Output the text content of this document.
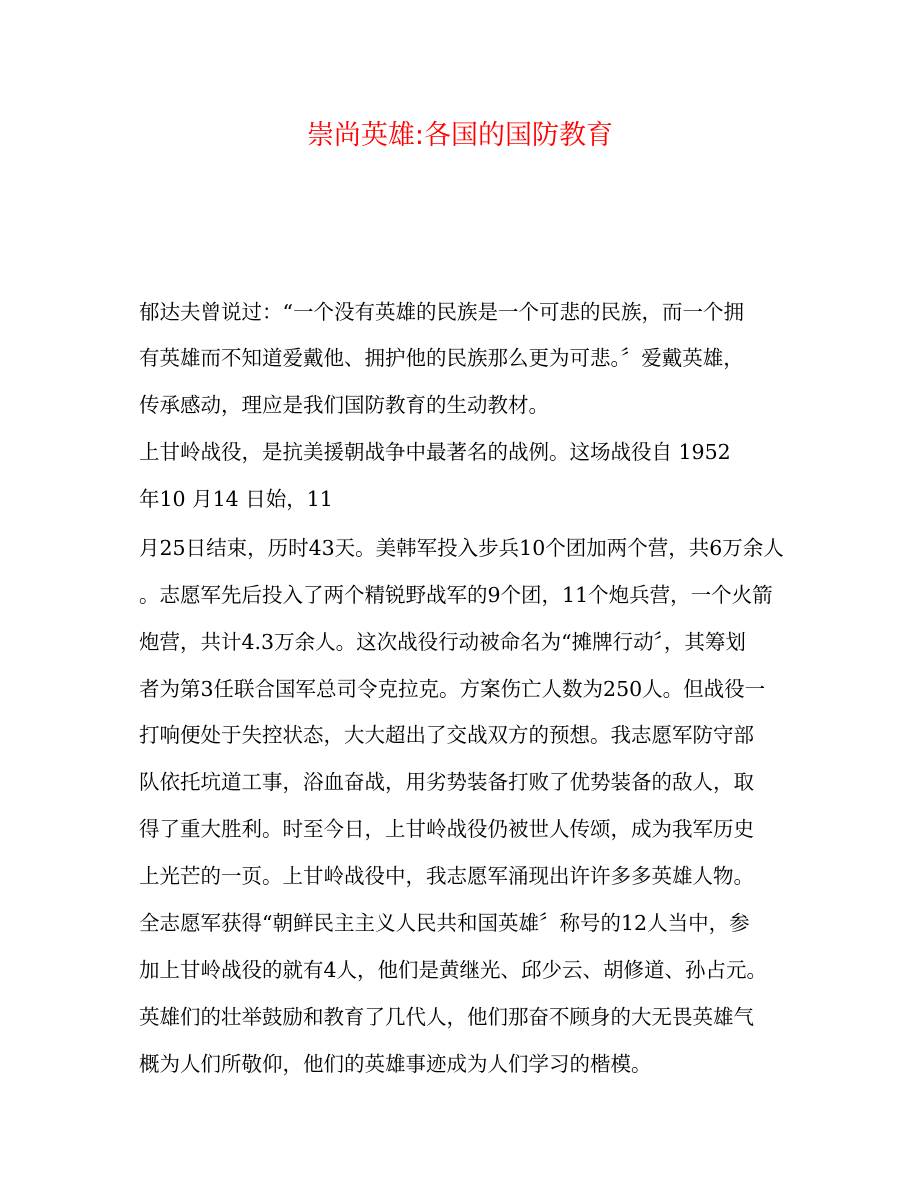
崇尚英雄:各国的国防教育
郁达夫曾说过：“一个没有英雄的民族是一个可悲的民族，而一个拥
有英雄而不知道爱戴他、拥护他的民族那么更为可悲。〞爱戴英雄，
传承感动，理应是我们国防教育的生动教材。
上甘岭战役，是抗美援朝战争中最著名的战例。这场战役自 1952
年10 月14 日始，11
月25日结束，历时43天。美韩军投入步兵10个团加两个营，共6万余人
。志愿军先后投入了两个精锐野战军的9个团，11个炮兵营，一个火箭
炮营，共计4.3万余人。这次战役行动被命名为“摊牌行动〞，其筹划
者为第3任联合国军总司令克拉克。方案伤亡人数为250人。但战役一
打响便处于失控状态，大大超出了交战双方的预想。我志愿军防守部
队依托坑道工事，浴血奋战，用劣势装备打败了优势装备的敌人，取
得了重大胜利。时至今日，上甘岭战役仍被世人传颂，成为我军历史
上光芒的一页。上甘岭战役中，我志愿军涌现出许许多多英雄人物。
全志愿军获得“朝鲜民主主义人民共和国英雄〞称号的12人当中，参
加上甘岭战役的就有4人，他们是黄继光、邱少云、胡修道、孙占元。
英雄们的壮举鼓励和教育了几代人，他们那奋不顾身的大无畏英雄气
概为人们所敬仰，他们的英雄事迹成为人们学习的楷模。
